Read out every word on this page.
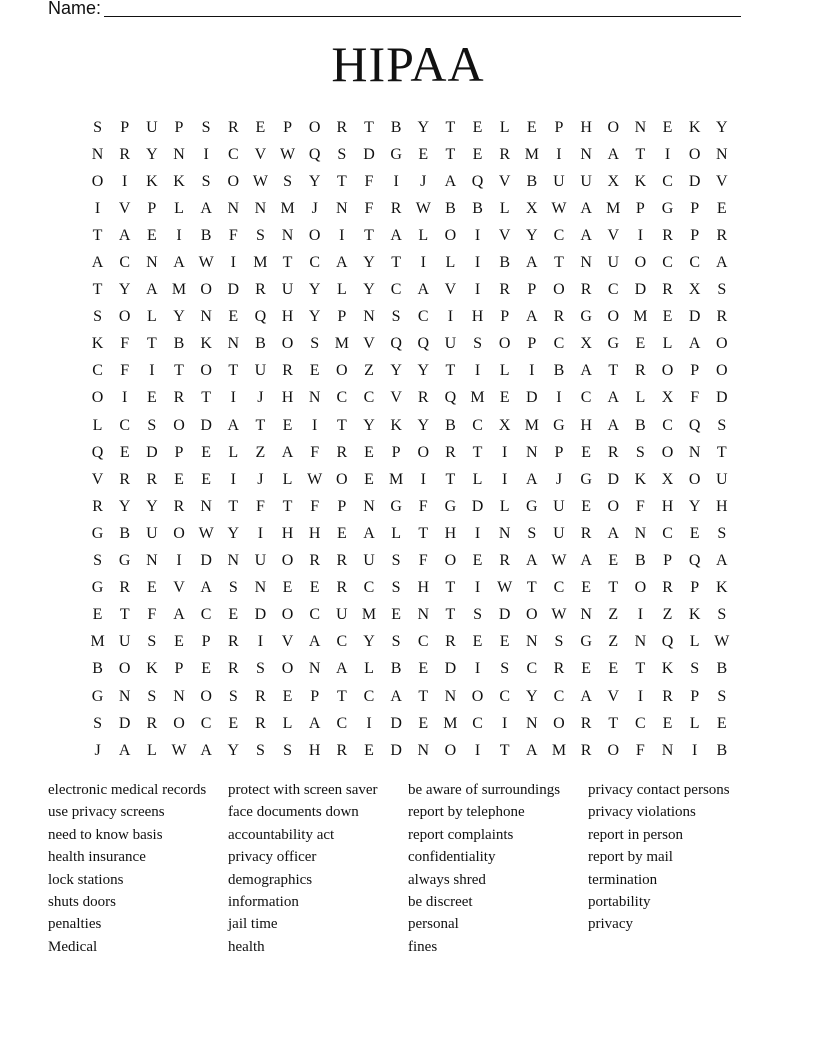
Name:
HIPAA
S	P	U	P	S	R	E	P	O	R	T	B	Y	T	E	L	E	P	H O N	E	K Y
N	R	Y N	I	C	V W Q	S	D G	E	T	E	R M	I	N A	T	I	O N
O	I	K K	S	O W S	Y	T	F	I	J	A Q V	B	U U X K	C	D V
I	V	P	L	A N N M	J	N	F	R W B	B	L	X W A M P	G	P	E
T	A	E	I	B	F	S	N O	I	T	A	L	O	I	V Y	C	A V	I	R	P	R
A	C	N A W	I	M T	C	A Y	T	I	L	I	B	A	T	N U O	C	C	A
T	Y A M O D	R	U Y	L	Y	C	A V	I	R	P	O	R	C	D	R	X	S
S	O	L	Y N	E	Q H Y	P	N	S	C	I	H	P	A	R	G O M E	D	R
K	F	T	B	K N	B	O	S M V Q Q U	S	O	P	C	X G	E	L	A O
C	F	I	T	O	T	U	R	E	O	Z	Y Y	T	I	L	I	B	A	T	R	O	P	O
O	I	E	R	T	I	J	H N	C	C	V	R	Q M E	D	I	C	A	L	X	F	D
L	C	S	O D A	T	E	I	T	Y K Y	B	C	X M G H A	B	C	Q	S
Q	E	D	P	E	L	Z	A	F	R	E	P	O	R	T	I	N	P	E	R	S	O N	T
V	R	R	E	E	I	J	L W O	E M	I	T	L	I	A	J	G D K X O U
R	Y Y	R	N	T	F	T	F	P	N G	F	G D	L	G U	E	O	F	H Y H
G	B	U O W Y	I	H H	E	A	L	T	H	I	N	S	U	R	A N	C	E	S
S	G N	I	D N U O	R	R	U	S	F	O	E	R	A W A	E	B	P	Q A
G	R	E	V A	S	N	E	E	R	C	S	H	T	I	W T	C	E	T	O	R	P	K
E	T	F	A	C	E	D O	C	U M E	N	T	S	D O W N	Z	I	Z	K	S
M U	S	E	P	R	I	V A	C	Y	S	C	R	E	E	N	S	G	Z	N Q	L W
B	O K	P	E	R	S	O N A	L	B	E	D	I	S	C	R	E	E	T	K	S	B
G N	S	N O	S	R	E	P	T	C	A	T	N O	C	Y	C	A V	I	R	P	S
S	D	R	O	C	E	R	L	A	C	I	D	E M C	I	N O	R	T	C	E	L	E
J	A	L W A Y	S	S	H	R	E	D N O	I	T	A M R	O	F	N	I	B
electronic medical records
use privacy screens
need to know basis
health insurance
lock stations
shuts doors
penalties
Medical
protect with screen saver
face documents down
accountability act
privacy officer
demographics
information
jail time
health
be aware of surroundings
report by telephone
report complaints
confidentiality
always shred
be discreet
personal
fines
privacy contact persons
privacy violations
report in person
report by mail
termination
portability
privacy
